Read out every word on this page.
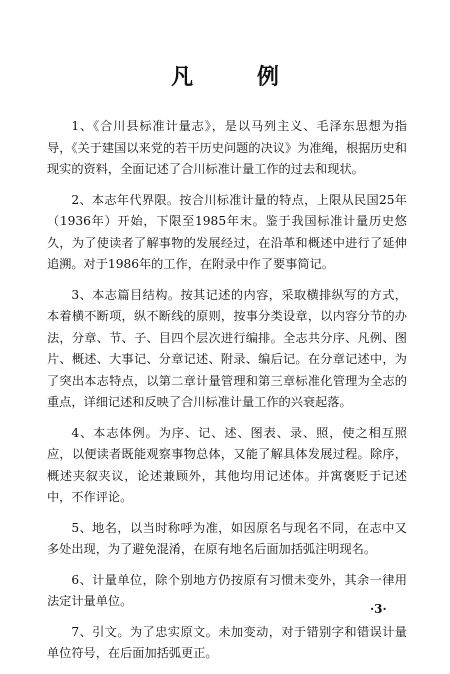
凡 例

1、《合川县标准计量志》，是以马列主义、毛泽东思想为指导，《关于建国以来党的若干历史问题的决议》为准绳，根据历史和现实的资料，全面记述了合川标准计量工作的过去和现状。

2、本志年代界限。按合川标准计量的特点，上限从民国25年（1936年）开始，下限至1985年末。鉴于我国标准计量历史悠久，为了使读者了解事物的发展经过，在沿革和概述中进行了延伸追溯。对于1986年的工作，在附录中作了要事简记。

3、本志篇目结构。按其记述的内容，采取横排纵写的方式，本着横不断项，纵不断线的原则，按事分类设章，以内容分节的办法，分章、节、子、目四个层次进行编排。全志共分序、凡例、图片、概述、大事记、分章记述、附录、编后记。在分章记述中，为了突出本志特点，以第二章计量管理和第三章标准化管理为全志的重点，详细记述和反映了合川标准计量工作的兴衰起落。

4、本志体例。为序、记、述、图表、录、照，使之相互照应，以便读者既能观察事物总体，又能了解具体发展过程。除序，概述夹叙夹议，论述兼顾外，其他均用记述体。并寓褒贬于记述中，不作评论。

5、地名，以当时称呼为准，如因原名与现名不同，在志中又多处出现，为了避免混淆，在原有地名后面加括弧注明现名。

6、计量单位，除个别地方仍按原有习惯未变外，其余一律用法定计量单位。

7、引文。为了忠实原文。未加变动，对于错别字和错误计量单位符号，在后面加括弧更正。

·3·
